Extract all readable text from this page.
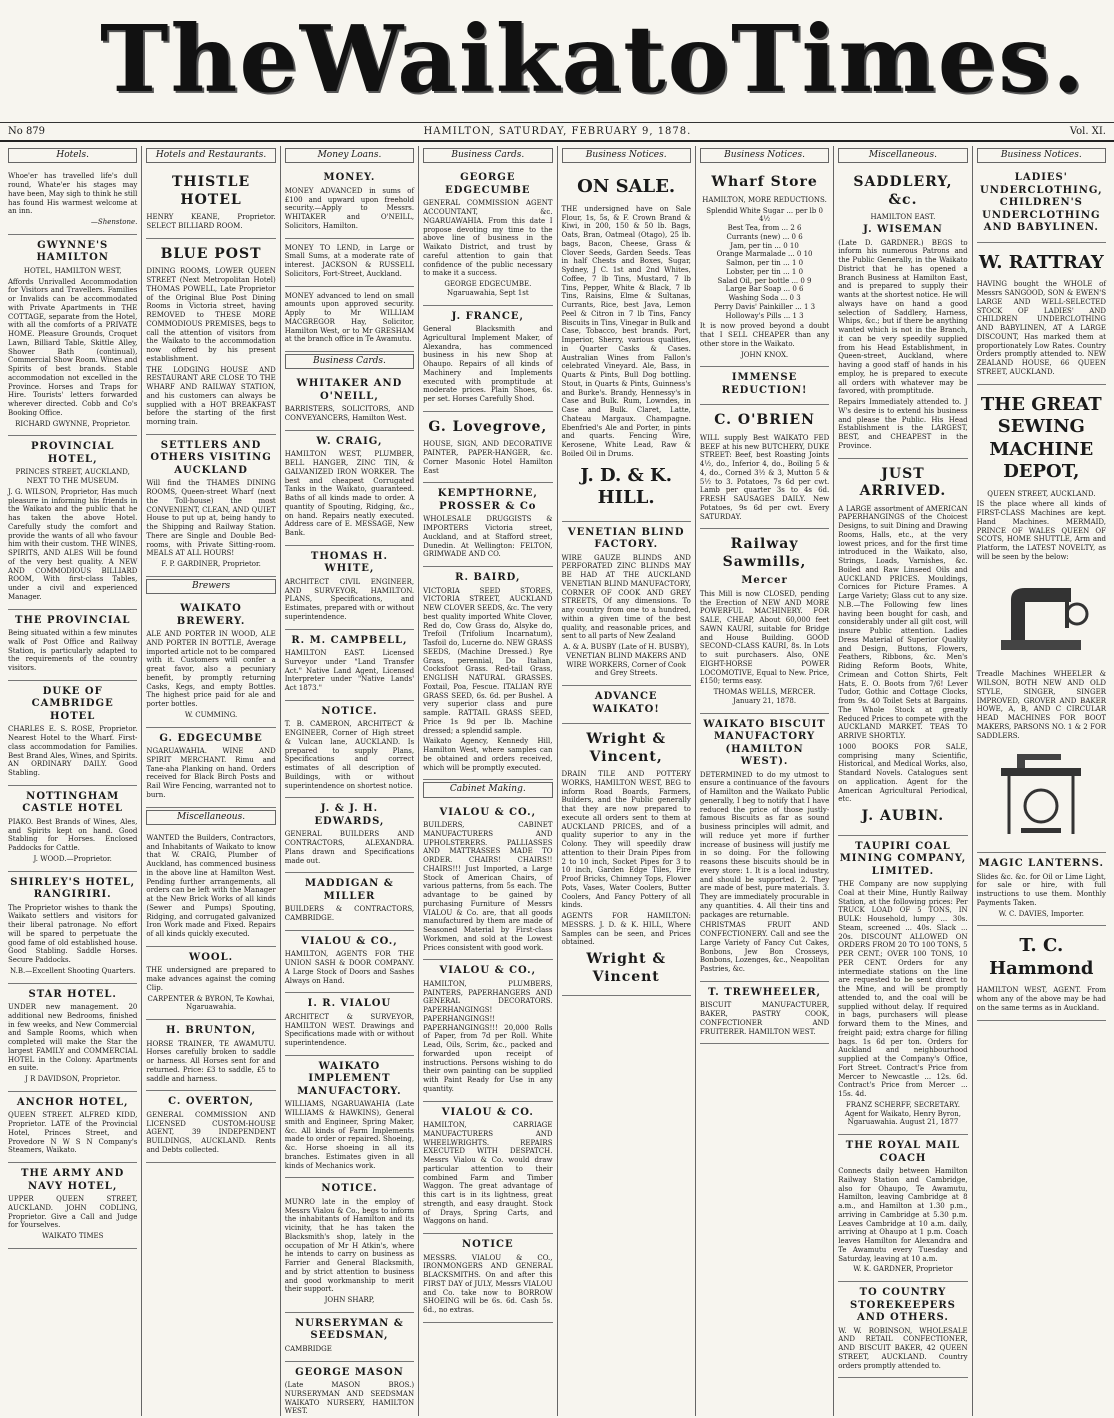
The Waikato Times.
No 879	HAMILTON, SATURDAY, FEBRUARY 9, 1878.	Vol. XI.
Hotels.

Whoe'er has travelled life's dull round, Whate'er his stages may have been, May sigh to think he still has found His warmest welcome at an inn.

—Shenstone.

GWYNNE'S HAMILTON
HOTEL, HAMILTON WEST,

Affords Unrivalled Accommodation for Visitors and Travellers. Families or Invalids can be accommodated with Private Apartments in THE COTTAGE, separate from the Hotel, with all the comforts of a PRIVATE HOME. Pleasure Grounds, Croquet Lawn, Billiard Table, Skittle Alley, Shower Bath (continual), Commercial Show Room. Wines and Spirits of best brands. Stable accommodation not excelled in the Province. Horses and Traps for Hire. Tourists' letters forwarded wherever directed. Cobb and Co's Booking Office.

RICHARD GWYNNE, Proprietor.
PROVINCIAL HOTEL,
PRINCES STREET, AUCKLAND, NEXT TO THE MUSEUM.

J. G. WILSON, Proprietor, Has much pleasure in informing his friends in the Waikato and the public that he has taken the above Hotel. Carefully study the comfort and provide the wants of all who favour him with their custom. THE WINES, SPIRITS, AND ALES Will be found of the very best quality. A NEW AND COMMODIOUS BILLIARD ROOM, With first-class Tables, under a civil and experienced Manager.

THE PROVINCIAL

Being situated within a few minutes walk of Post Office and Railway Station, is particularly adapted to the requirements of the country visitors.

DUKE OF CAMBRIDGE HOTEL

CHARLES E. S. ROSE, Proprietor. Nearest Hotel to the Wharf. First-class accommodation for Families. Best Brand Ales, Wines, and Spirits. AN ORDINARY DAILY. Good Stabling.

NOTTINGHAM CASTLE HOTEL

PIAKO. Best Brands of Wines, Ales, and Spirits kept on hand. Good Stabling for Horses. Enclosed Paddocks for Cattle.

J. WOOD.—Proprietor.
SHIRLEY'S HOTEL, RANGIRIRI.

The Proprietor wishes to thank the Waikato settlers and visitors for their liberal patronage. No effort will be spared to perpetuate the good fame of old established house. Good Stabling. Saddle Horses. Secure Paddocks.

N.B.—Excellent Shooting Quarters.
STAR HOTEL.

UNDER new management. 20 additional new Bedrooms, finished in few weeks, and New Commercial and Sample Rooms, which when completed will make the Star the largest FAMILY and COMMERCIAL HOTEL in the Colony. Apartments en suite.

J R DAVIDSON, Proprietor.
ANCHOR HOTEL,

QUEEN STREET. ALFRED KIDD, Proprietor. LATE of the Provincial Hotel, Princes Street, and Provedore N W S N Company's Steamers, Waikato.

THE ARMY AND NAVY HOTEL,

UPPER QUEEN STREET, AUCKLAND. JOHN CODLING, Proprietor. Give a Call and Judge for Yourselves.

WAIKATO TIMES
Hotels and Restaurants.
THISTLE HOTEL

HENRY KEANE, Proprietor. SELECT BILLIARD ROOM.

BLUE POST

DINING ROOMS, LOWER QUEEN STREET (Next Metropolitan Hotel) THOMAS POWELL, Late Proprietor of the Original Blue Post Dining Rooms in Victoria street, having REMOVED to THESE MORE COMMODIOUS PREMISES, begs to call the attention of visitors from the Waikato to the accommodation now offered by his present establishment.

THE LODGING HOUSE AND RESTAURANT ARE CLOSE TO THE WHARF AND RAILWAY STATION, and his customers can always be supplied with a HOT BREAKFAST before the starting of the first morning train.

SETTLERS AND OTHERS VISITING AUCKLAND

Will find the THAMES DINING ROOMS, Queen-street Wharf (next the Toll-house) the most CONVENIENT, CLEAN, AND QUIET House to put up at, being handy to the Shipping and Railway Station. There are Single and Double Bed-rooms, with Private Sitting-room. MEALS AT ALL HOURS!

F. P. GARDINER, Proprietor.
Brewers
WAIKATO BREWERY.

ALE AND PORTER IN WOOD, ALE AND PORTER IN BOTTLE, Average imported article not to be compared with it. Customers will confer a great favor, also a pecuniary benefit, by promptly returning Casks, Kegs, and empty Bottles. The highest price paid for ale and porter bottles.

W. CUMMING.
G. EDGECUMBE

NGARUAWAHIA. WINE AND SPIRIT MERCHANT. Rimu and Tane-aha Planking on hand. Orders received for Black Birch Posts and Rail Wire Fencing, warranted not to burn.

Miscellaneous.

WANTED the Builders, Contractors, and Inhabitants of Waikato to know that W. CRAIG, Plumber of Auckland, has commenced business in the above line at Hamilton West. Pending further arrangements, all orders can be left with the Manager at the New Brick Works of all kinds (Sewer and Pumps) Spouting, Ridging, and corrugated galvanized Iron Work made and Fixed. Repairs of all kinds quickly executed.

WOOL.

THE undersigned are prepared to make advances against the coming Clip.

CARPENTER & BYRON, Te Kowhai, Ngaruawahia.
H. BRUNTON,

HORSE TRAINER, TE AWAMUTU. Horses carefully broken to saddle or harness. All Horses sent for and returned. Price: £3 to saddle, £5 to saddle and harness.

C. OVERTON,

GENERAL COMMISSION AND LICENSED CUSTOM-HOUSE AGENT, 39 INDEPENDENT BUILDINGS, AUCKLAND. Rents and Debts collected.

Money Loans.
MONEY.

MONEY ADVANCED in sums of £100 and upward upon freehold security.—Apply to Messrs. WHITAKER and O'NEILL, Solicitors, Hamilton.

MONEY TO LEND, in Large or Small Sums, at a moderate rate of interest. JACKSON & RUSSELL Solicitors, Fort-Street, Auckland.

MONEY advanced to lend on small amounts upon approved security. Apply to Mr WILLIAM MACGREGOR Hay, Solicitor, Hamilton West, or to Mr GRESHAM at the branch office in Te Awamutu.

Business Cards.
WHITAKER AND O'NEILL,

BARRISTERS, SOLICITORS, AND CONVEYANCERS, Hamilton West.

W. CRAIG,

HAMILTON WEST, PLUMBER, BELL HANGER, ZINC TIN, & GALVANIZED IRON WORKER. The best and cheapest Corrugated Tanks in the Waikato, guaranteed. Baths of all kinds made to order. A quantity of Spouting, Ridging, &c., on hand. Repairs neatly executed. Address care of E. MESSAGE, New Bank.

THOMAS H. WHITE,

ARCHITECT CIVIL ENGINEER, AND SURVEYOR, HAMILTON. PLANS, Specifications, and Estimates, prepared with or without superintendence.

R. M. CAMPBELL,

HAMILTON EAST. Licensed Surveyor under "Land Transfer Act." Native Land Agent, Licensed Interpreter under "Native Lands' Act 1873."

NOTICE.

T. B. CAMERON, ARCHITECT & ENGINEER, Corner of High street & Vulcan lane, AUCKLAND. Is prepared to supply Plans, Specifications and correct estimates of all description of Buildings, with or without superintendence on shortest notice.

J. & J. H. EDWARDS,

GENERAL BUILDERS AND CONTRACTORS, ALEXANDRA. Plans drawn and Specifications made out.

MADDIGAN & MILLER

BUILDERS & CONTRACTORS, CAMBRIDGE.

VIALOU & CO.,

HAMILTON, AGENTS FOR THE UNION SASH & DOOR COMPANY. A Large Stock of Doors and Sashes Always on Hand.

I. R. VIALOU

ARCHITECT & SURVEYOR, HAMILTON WEST. Drawings and Specifications made with or without superintendence.

WAIKATO IMPLEMENT MANUFACTORY.

WILLIAMS, NGARUAWAHIA (Late WILLIAMS & HAWKINS), General smith and Engineer, Spring Maker, &c. All kinds of Farm Implements made to order or repaired. Shoeing, &c. Horse shoeing in all its branches. Estimates given in all kinds of Mechanics work.

NOTICE.

MUNRO late in the employ of Messrs Vialou & Co., begs to inform the inhabitants of Hamilton and its vicinity, that he has taken the Blacksmith's shop, lately in the occupation of Mr H Atkin's, where he intends to carry on business as Farrier and General Blacksmith, and by strict attention to business and good workmanship to merit their support.

JOHN SHARP,
NURSERYMAN & SEEDSMAN,

CAMBRIDGE

GEORGE MASON

(Late MASON BROS.) NURSERYMAN AND SEEDSMAN WAIKATO NURSERY, HAMILTON WEST.

Business Cards.
GEORGE EDGECUMBE

GENERAL COMMISSION AGENT ACCOUNTANT, &c. NGARUAWAHIA. From this date I propose devoting my time to the above line of business in the Waikato District, and trust by careful attention to gain that confidence of the public necessary to make it a success.

GEORGE EDGECUMBE. Ngaruawahia, Sept 1st
J. FRANCE,

General Blacksmith and Agricultural Implement Maker, of Alexandra, has commenced business in his new Shop at Ohaupo. Repairs of all kinds of Machinery and Implements executed with promptitude at moderate prices. Plain Shoes, 6s. per set. Horses Carefully Shod.

G. Lovegrove,

HOUSE, SIGN, AND DECORATIVE PAINTER, PAPER-HANGER, &c. Corner Masonic Hotel Hamilton East

KEMPTHORNE, PROSSER & Co

WHOLESALE DRUGGISTS & IMPORTERS Victoria street, Auckland, and at Stafford street, Dunedin. At Wellington: FELTON, GRIMWADE AND CO.

R. BAIRD,

VICTORIA SEED STORES, VICTORIA STREET, AUCKLAND NEW CLOVER SEEDS, &c. The very best quality imported White Clover, Red do, Cow Grass do, Alsyke do, Trefoil (Trifolium Incarnatum), Tasfoil do, Lucerne do. NEW GRASS SEEDS, (Machine Dressed.) Rye Grass, perennial, Do Italian, Cocksfoot Grass. Red-tail Grass, ENGLISH NATURAL GRASSES. Foxtail, Poa, Fescue. ITALIAN RYE GRASS SEED, 6s. 6d. per Bushel. A very superior class and pure sample. RATTAIL GRASS SEED, Price 1s 9d per lb. Machine dressed; a splendid sample.

Waikato Agency, Kennedy Hill, Hamilton West, where samples can be obtained and orders received, which will be promptly executed.

Cabinet Making.
VIALOU & CO.,

BUILDERS, CABINET MANUFACTURERS AND UPHOLSTERERS. PALLIASSES AND MATTRASSES MADE TO ORDER. CHAIRS! CHAIRS!! CHAIRS!!! Just Imported, a Large Stock of American Chairs, of various patterns, from 5s each. The advantage to be gained by purchasing Furniture of Messrs VIALOU & Co. are, that all goods manufactured by them are made of Seasoned Material by First-class Workmen, and sold at the Lowest Prices consistent with good work.

VIALOU & CO.,

HAMILTON, PLUMBERS, PAINTERS, PAPERHANGERS AND GENERAL DECORATORS. PAPERHANGINGS! PAPERHANGINGS!! PAPERHANGINGS!!! 20,000 Rolls of Paper, from 7d per Roll. White Lead, Oils, Scrim, &c., packed and forwarded upon receipt of instructions. Persons wishing to do their own painting can be supplied with Paint Ready for Use in any quantity.

VIALOU & CO.

HAMILTON, CARRIAGE MANUFACTURERS AND WHEELWRIGHTS. REPAIRS EXECUTED WITH DESPATCH. Messrs Vialou & Co. would draw particular attention to their combined Farm and Timber Waggon. The great advantage of this cart is in its lightness, great strength, and easy draught. Stock of Drays, Spring Carts, and Waggons on hand.

NOTICE

MESSRS. VIALOU & CO., IRONMONGERS AND GENERAL BLACKSMITHS. On and after this FIRST DAY of JULY, Messrs VIALOU and Co. take now to BORROW SHOEING will be 6s. 6d. Cash 5s. 6d., no extras.

Business Notices.
ON SALE.

THE undersigned have on Sale Flour, 1s, 5s, & F. Crown Brand & Kiwi, in 200, 150 & 50 lb. Bags, Oats, Bran, Oatmeal (Otago), 25 lb. bags, Bacon, Cheese, Grass & Clover Seeds, Garden Seeds. Teas in half Chests and Boxes, Sugar, Sydney, J C. 1st and 2nd Whites, Coffee, 7 lb Tins, Mustard, 7 lb Tins, Pepper, White & Black, 7 lb Tins, Raisins, Elme & Sultanas, Currants, Rice, best Java, Lemon Peel & Citron in 7 lb Tins, Fancy Biscuits in Tins, Vinegar in Bulk and Case, Tobacco, best brands. Port, Imperior, Sherry, various qualities, in Quarter Casks & Cases. Australian Wines from Fallon's celebrated Vineyard. Ale, Bass, in Quarts & Pints, Bull Dog bottling. Stout, in Quarts & Pints, Guinness's and Burke's. Brandy, Hennessy's in Case and Bulk. Rum, Lowndes, in Case and Bulk. Claret, Latte, Chateau Margaux. Champagne. Ebenfried's Ale and Porter, in pints and quarts. Fencing Wire, Kerosene, White Lead, Raw & Boiled Oil in Drums.

J. D. & K. HILL.
VENETIAN BLIND FACTORY.

WIRE GAUZE BLINDS AND PERFORATED ZINC BLINDS MAY BE HAD AT THE AUCKLAND VENETIAN BLIND MANUFACTORY, CORNER OF COOK AND GREY STREETS, Of any dimensions. To any country from one to a hundred, within a given time of the best quality, and reasonable prices, and sent to all parts of New Zealand

A. & A. BUSBY (Late of H. BUSBY), VENETIAN BLIND MAKERS AND WIRE WORKERS, Corner of Cook and Grey Streets.
ADVANCE WAIKATO!
Wright & Vincent,

DRAIN TILE AND POTTERY WORKS, HAMILTON WEST, BEG to inform Road Boards, Farmers, Builders, and the Public generally that they are now prepared to execute all orders sent to them at AUCKLAND PRICES, and of a quality superior to any in the Colony. They will speedily draw attention to their Drain Pipes from 2 to 10 inch, Socket Pipes for 3 to 10 inch, Garden Edge Tiles, Fire Proof Bricks, Chimney Tops, Flower Pots, Vases, Water Coolers, Butter Coolers, And Fancy Pottery of all kinds.

AGENTS FOR HAMILTON: MESSRS. J. D. & K. HILL, Where Samples can be seen, and Prices obtained.

Wright & Vincent
Business Notices.
Wharf Store
HAMILTON, MORE REDUCTIONS.
Splendid White Sugar ... per lb 0 4½
Best Tea, from ... 2 6
Currants (new) ... 0 6
Jam, per tin ... 0 10
Orange Marmalade ... 0 10
Salmon, per tin ... 1 0
Lobster, per tin ... 1 0
Salad Oil, per bottle ... 0 9
Large Bar Soap ... 0 6
Washing Soda ... 0 3
Perry Davis' Painkiller ... 1 3
Holloway's Pills ... 1 3

It is now proved beyond a doubt that I SELL CHEAPER than any other store in the Waikato.

JOHN KNOX.
IMMENSE REDUCTION!
C. O'BRIEN

WILL supply Best WAIKATO FED BEEF at his new BUTCHERY, DUKE STREET: Beef, best Roasting Joints 4½, do., Inferior 4, do., Boiling 5 & 4, do., Corned 3½ & 3, Mutton 5 & 5½ to 3. Potatoes, 7s 6d per cwt. Lamb per quarter 3s to 4s 6d. FRESH SAUSAGES DAILY. New Potatoes, 9s 6d per cwt. Every SATURDAY.

Railway Sawmills,
Mercer

This Mill is now CLOSED, pending the Erection of NEW AND MORE POWERFUL MACHINERY. FOR SALE, CHEAP, About 60,000 feet SAWN KAURI, suitable for Bridge and House Building. GOOD SECOND-CLASS KAURI, 8s. In Lots to suit purchasers. Also, ONE EIGHT-HORSE POWER LOCOMOTIVE, Equal to New. Price, £150; terms easy.

THOMAS WELLS, MERCER. January 21, 1878.
WAIKATO BISCUIT MANUFACTORY (HAMILTON WEST).

DETERMINED to do my utmost to ensure a continuance of the favours of Hamilton and the Waikato Public generally, I beg to notify that I have reduced the price of those justly-famous Biscuits as far as sound business principles will admit, and will reduce yet more if further increase of business will justify me in so doing. For the following reasons these biscuits should be in every store: 1. It is a local industry, and should be supported. 2. They are made of best, pure materials. 3. They are immediately procurable in any quantities. 4. All their tins and packages are returnable.

CHRISTMAS FRUIT AND CONFECTIONERY. Call and see the Large Variety of Fancy Cut Cakes, Bonbons, Jew Bon Crosseys, Bonbons, Lozenges, &c., Neapolitan Pastries, &c.

T. TREWHEELER,

BISCUIT MANUFACTURER, BAKER, PASTRY COOK, CONFECTIONER AND FRUITERER. HAMILTON WEST.

Miscellaneous.
SADDLERY, &c.
HAMILTON EAST.
J. WISEMAN

(Late D. GARDNER.) BEGS to inform his numerous Patrons and the Public Generally, in the Waikato District that he has opened a Branch Business at Hamilton East, and is prepared to supply their wants at the shortest notice. He will always have on hand a good selection of Saddlery, Harness, Whips, &c.; but if there be anything wanted which is not in the Branch, it can be very speedily supplied from his Head Establishment, in Queen-street, Auckland, where having a good staff of hands in his employ, he is prepared to execute all orders with whatever may be favored, with promptitude.

Repairs Immediately attended to. J W's desire is to extend his business and please the Public. His Head Establishment is the LARGEST, BEST, and CHEAPEST in the Province.

JUST ARRIVED.

A LARGE assortment of AMERICAN PAPERHANGINGS of the Choicest Designs, to suit Dining and Drawing Rooms, Halls, etc., at the very lowest prices, and for the first time introduced in the Waikato, also, Strings, Loads, Varnishes, &c. Boiled and Raw Linseed Oils and AUCKLAND PRICES. Mouldings, Cornices for Picture Frames. A Large Variety; Glass cut to any size. N.B.—The Following few lines having been bought for cash, and considerably under all gilt cost, will insure Public attention. Ladies Dress Material of Superior Quality and Design, Buttons, Flowers, Feathers, Ribbons, &c. Men's Riding Reform Boots, White, Crimean and Cotton Shirts, Felt Hats, E. O. Boots from 7/6! Lever Tudor, Gothic and Cottage Clocks, from 9s. 40 Toilet Sets at Bargains. The Whole Stock at greatly Reduced Prices to compete with the AUCKLAND MARKET. TEAS TO ARRIVE SHORTLY.

1000 BOOKS FOR SALE, comprising many Scientific, Historical, and Medical Works, also, Standard Novels. Catalogues sent on application. Agent for the American Agricultural Periodical, etc.

J. AUBIN.
TAUPIRI COAL MINING COMPANY, LIMITED.

THE Company are now supplying Coal at their Mine, Huntly Railway Station, at the following prices: Per TRUCK LOAD OF 5 TONS, IN BULK: Household, lumpy ... 30s. Steam, screened ... 40s. Slack ... 20s. DISCOUNT ALLOWED ON ORDERS FROM 20 TO 100 TONS, 5 PER CENT.; OVER 100 TONS, 10 PER CENT. Orders for any intermediate stations on the line are requested to be sent direct to the Mine, and will be promptly attended to, and the coal will be supplied without delay. If required in bags, purchasers will please forward them to the Mines, and freight paid; extra charge for filling bags. 1s 6d per ton. Orders for Auckland and neighbourhood supplied at the Company's Office, Fort Street. Contract's Price from Mercer to Newcastle ... 12s. 6d. Contract's Price from Mercer ... 15s. 4d.

FRANZ SCHERFF, SECRETARY. Agent for Waikato, Henry Byron, Ngaruawahia. August 21, 1877
THE ROYAL MAIL COACH

Connects daily between Hamilton Railway Station and Cambridge, also for Ohaupo, Te Awamutu, Hamilton, leaving Cambridge at 8 a.m., and Hamilton at 1.30 p.m., arriving in Cambridge at 5.30 p.m. Leaves Cambridge at 10 a.m. daily, arriving at Ohaupo at 1 p.m. Coach leaves Hamilton for Alexandra and Te Awamutu every Tuesday and Saturday, leaving at 10 a.m.

W. K. GARDNER, Proprietor
TO COUNTRY STOREKEEPERS AND OTHERS.

W. W. ROBINSON, WHOLESALE AND RETAIL CONFECTIONER, AND BISCUIT BAKER, 42 QUEEN STREET, AUCKLAND. Country orders promptly attended to.

Business Notices.
LADIES' UNDERCLOTHING, CHILDREN'S UNDERCLOTHING AND BABYLINEN.
W. RATTRAY

HAVING bought the WHOLE of Messrs SANGOOD, SON & EWEN'S LARGE AND WELL-SELECTED STOCK OF LADIES' AND CHILDREN UNDERCLOTHING AND BABYLINEN, AT A LARGE DISCOUNT, Has marked them at proportionately Low Rates. Country Orders promptly attended to. NEW ZEALAND HOUSE, 66 QUEEN STREET, AUCKLAND.

THE GREAT SEWING MACHINE DEPOT,
QUEEN STREET, AUCKLAND.

IS the place where all kinds of FIRST-CLASS Machines are kept. Hand Machines. MERMAID, PRINCE OF WALES QUEEN OF SCOTS, HOME SHUTTLE, Arm and Platform, the LATEST NOVELTY, as will be seen by the below:

Treadle Machines WHEELER & WILSON, BOTH NEW AND OLD STYLE, SINGER, SINGER IMPROVED, GROVER AND BAKER HOWE, A, B, AND C CIRCULAR HEAD MACHINES FOR BOOT MAKERS, PARSONS NO. 1 & 2 FOR SADDLERS.

MAGIC LANTERNS.

Slides &c. &c. for Oil or Lime Light, for sale or hire, with full instructions to use them. Monthly Payments Taken.

W. C. DAVIES, Importer.
T. C. Hammond

HAMILTON WEST, AGENT. From whom any of the above may be had on the same terms as in Auckland.
